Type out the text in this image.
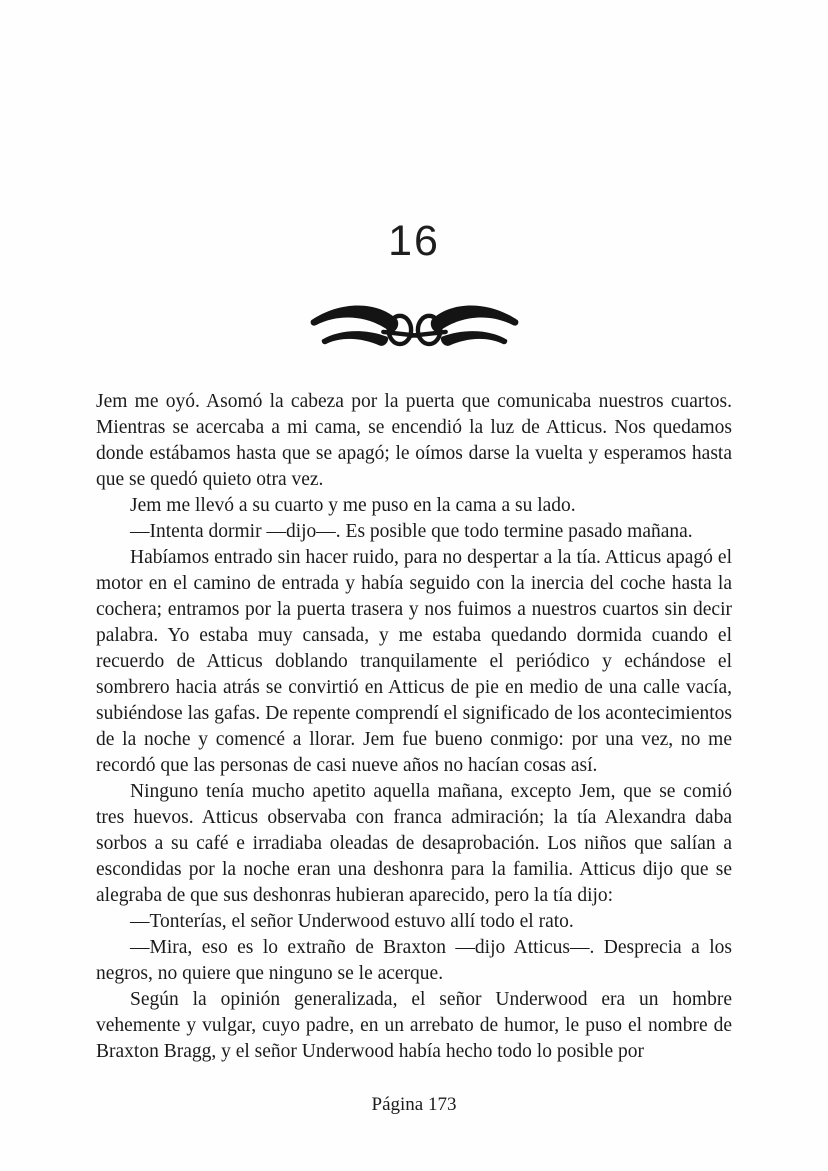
16

Jem me oyó. Asomó la cabeza por la puerta que comunicaba nuestros cuartos. Mientras se acercaba a mi cama, se encendió la luz de Atticus. Nos quedamos donde estábamos hasta que se apagó; le oímos darse la vuelta y esperamos hasta que se quedó quieto otra vez.

Jem me llevó a su cuarto y me puso en la cama a su lado.

—Intenta dormir —dijo—. Es posible que todo termine pasado mañana.

Habíamos entrado sin hacer ruido, para no despertar a la tía. Atticus apagó el motor en el camino de entrada y había seguido con la inercia del coche hasta la cochera; entramos por la puerta trasera y nos fuimos a nuestros cuartos sin decir palabra. Yo estaba muy cansada, y me estaba quedando dormida cuando el recuerdo de Atticus doblando tranquilamente el periódico y echándose el sombrero hacia atrás se convirtió en Atticus de pie en medio de una calle vacía, subiéndose las gafas. De repente comprendí el significado de los acontecimientos de la noche y comencé a llorar. Jem fue bueno conmigo: por una vez, no me recordó que las personas de casi nueve años no hacían cosas así.

Ninguno tenía mucho apetito aquella mañana, excepto Jem, que se comió tres huevos. Atticus observaba con franca admiración; la tía Alexandra daba sorbos a su café e irradiaba oleadas de desaprobación. Los niños que salían a escondidas por la noche eran una deshonra para la familia. Atticus dijo que se alegraba de que sus deshonras hubieran aparecido, pero la tía dijo:

—Tonterías, el señor Underwood estuvo allí todo el rato.

—Mira, eso es lo extraño de Braxton —dijo Atticus—. Desprecia a los negros, no quiere que ninguno se le acerque.

Según la opinión generalizada, el señor Underwood era un hombre vehemente y vulgar, cuyo padre, en un arrebato de humor, le puso el nombre de Braxton Bragg, y el señor Underwood había hecho todo lo posible por

Página 173
